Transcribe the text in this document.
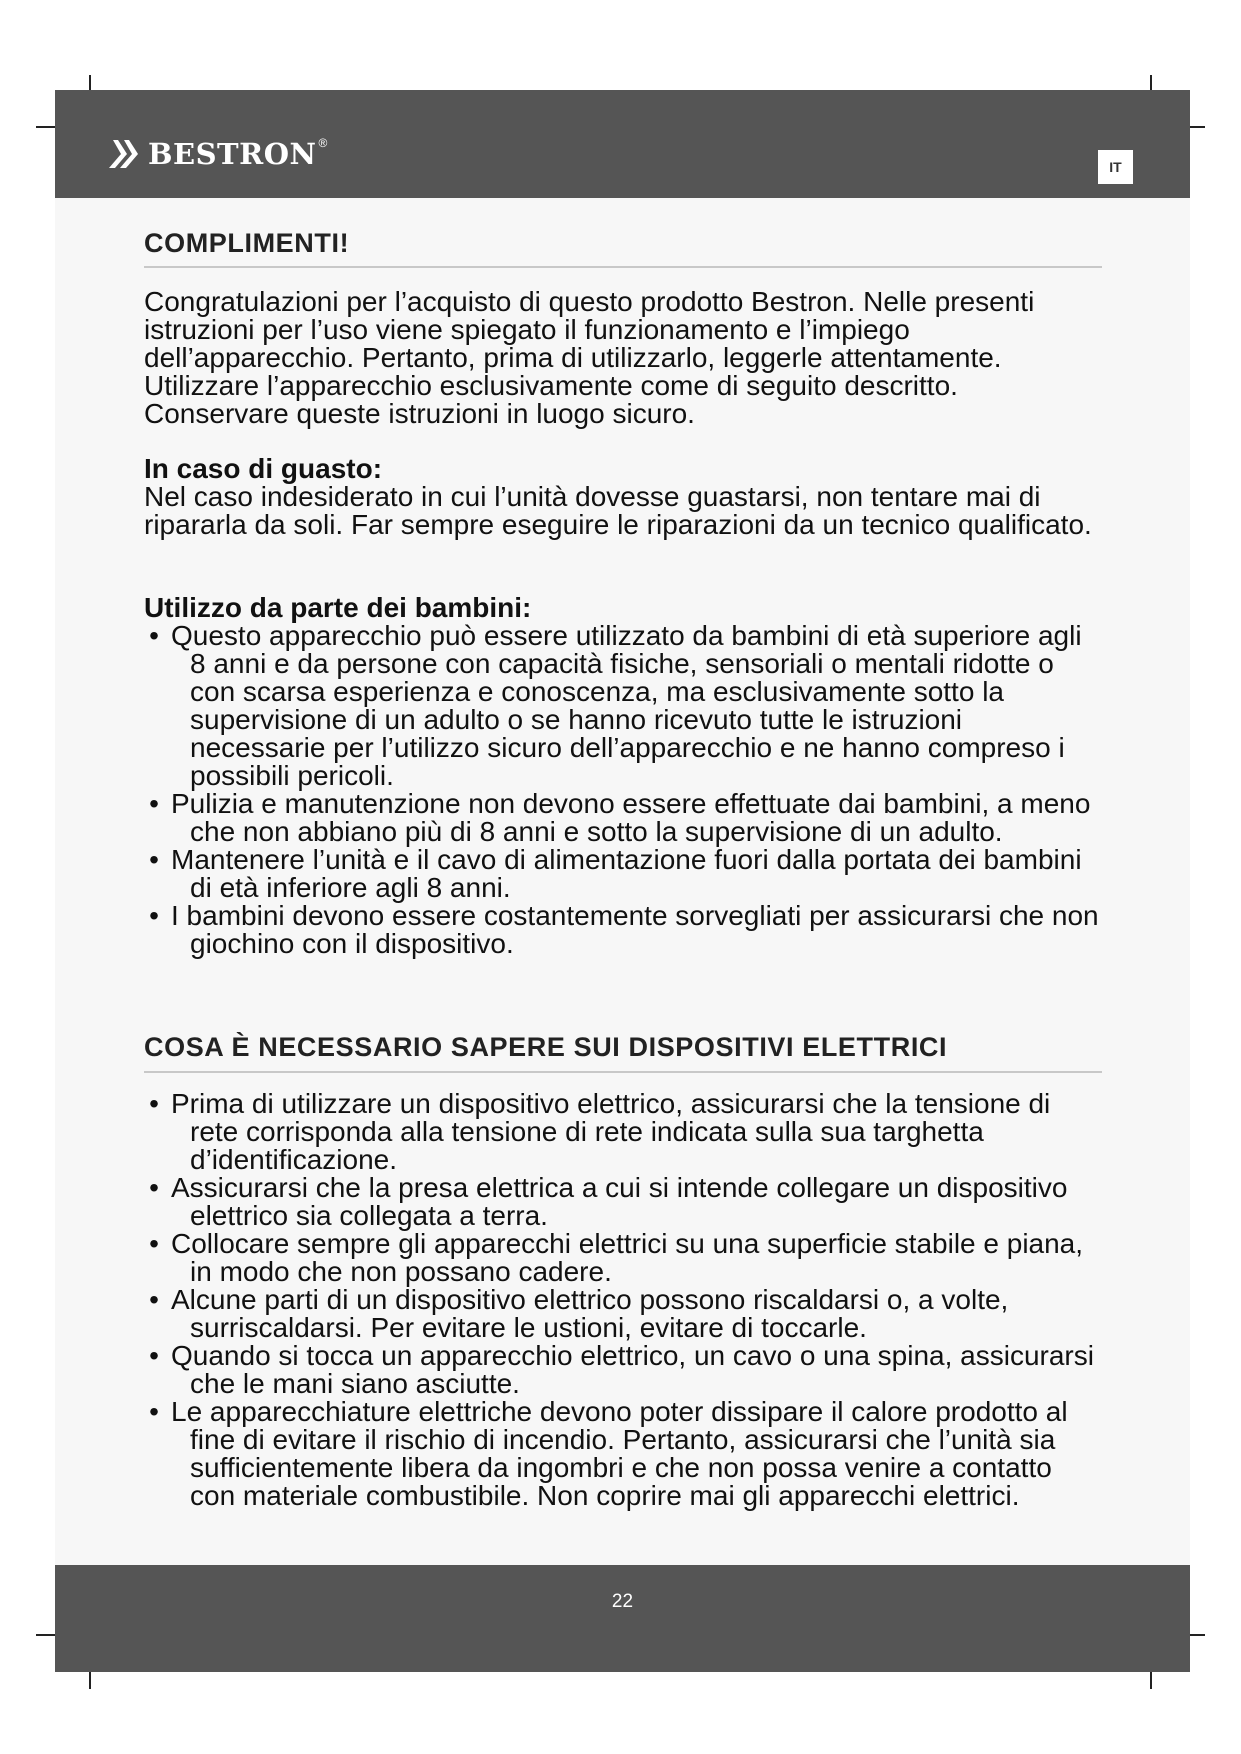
BESTRON ®
IT
COMPLIMENTI!

Congratulazioni per l’acquisto di questo prodotto Bestron. Nelle presenti istruzioni per l’uso viene spiegato il funzionamento e l’impiego dell’apparecchio. Pertanto, prima di utilizzarlo, leggerle attentamente. Utilizzare l’apparecchio esclusivamente come di seguito descritto. Conservare queste istruzioni in luogo sicuro.

In caso di guasto:

Nel caso indesiderato in cui l’unità dovesse guastarsi, non tentare mai di ripararla da soli. Far sempre eseguire le riparazioni da un tecnico qualificato.

Utilizzo da parte dei bambini:
• Questo apparecchio può essere utilizzato da bambini di età superiore agli 8 anni e da persone con capacità fisiche, sensoriali o mentali ridotte o con scarsa esperienza e conoscenza, ma esclusivamente sotto la supervisione di un adulto o se hanno ricevuto tutte le istruzioni necessarie per l’utilizzo sicuro dell’apparecchio e ne hanno compreso i possibili pericoli.
• Pulizia e manutenzione non devono essere effettuate dai bambini, a meno che non abbiano più di 8 anni e sotto la supervisione di un adulto.
• Mantenere l’unità e il cavo di alimentazione fuori dalla portata dei bambini di età inferiore agli 8 anni.
• I bambini devono essere costantemente sorvegliati per assicurarsi che non giochino con il dispositivo.
COSA È NECESSARIO SAPERE SUI DISPOSITIVI ELETTRICI
• Prima di utilizzare un dispositivo elettrico, assicurarsi che la tensione di rete corrisponda alla tensione di rete indicata sulla sua targhetta d’identificazione.
• Assicurarsi che la presa elettrica a cui si intende collegare un dispositivo elettrico sia collegata a terra.
• Collocare sempre gli apparecchi elettrici su una superficie stabile e piana, in modo che non possano cadere.
• Alcune parti di un dispositivo elettrico possono riscaldarsi o, a volte, surriscaldarsi. Per evitare le ustioni, evitare di toccarle.
• Quando si tocca un apparecchio elettrico, un cavo o una spina, assicurarsi che le mani siano asciutte.
• Le apparecchiature elettriche devono poter dissipare il calore prodotto al fine di evitare il rischio di incendio. Pertanto, assicurarsi che l’unità sia sufficientemente libera da ingombri e che non possa venire a contatto con materiale combustibile. Non coprire mai gli apparecchi elettrici.
22
